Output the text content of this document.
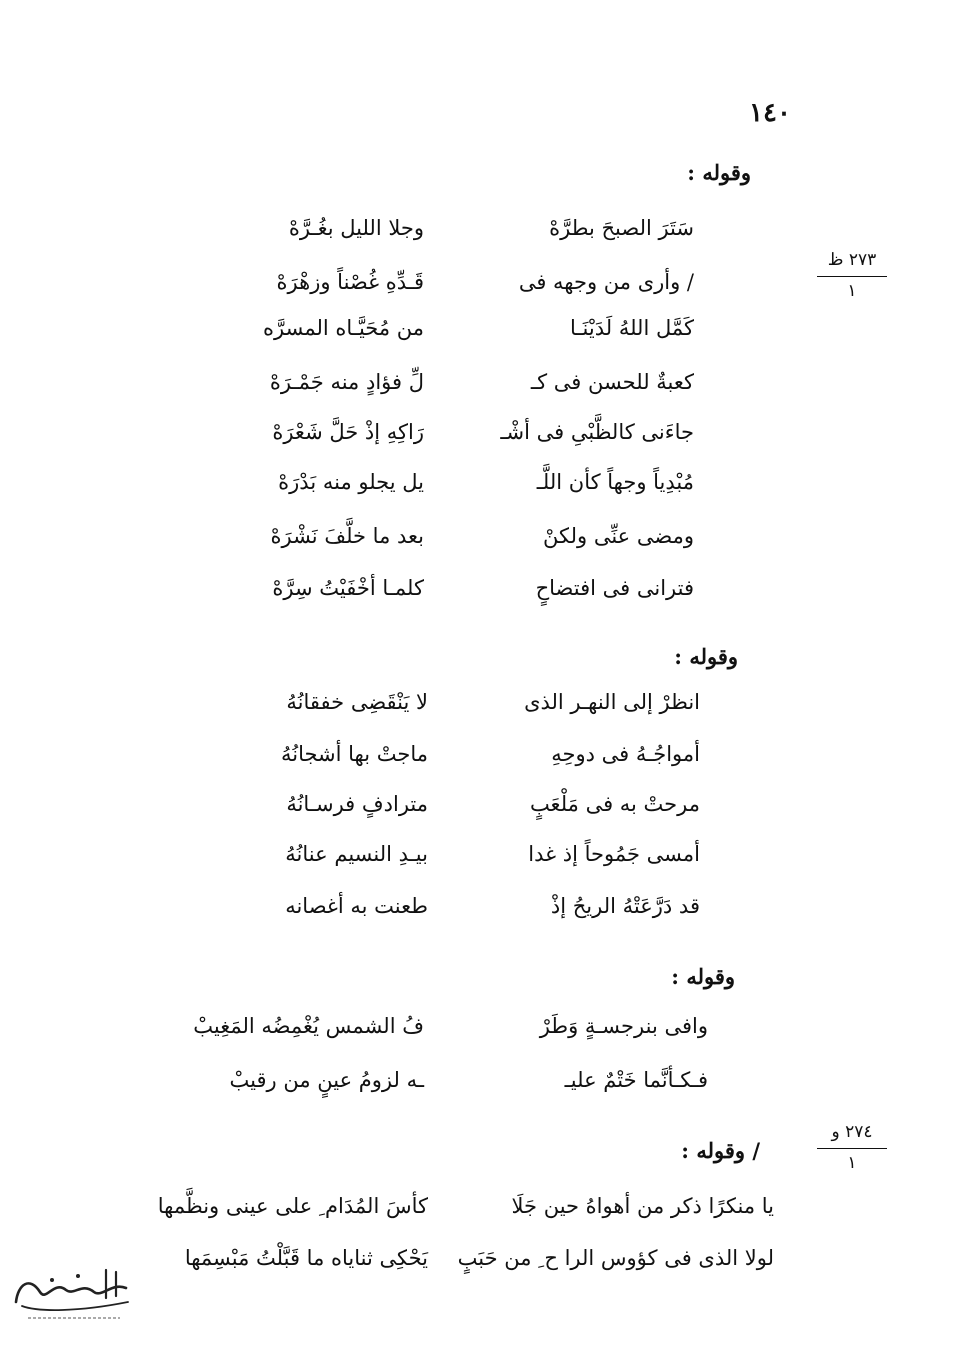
١٤٠
٢٧٣ ظ
١
٢٧٤ و
١
وقوله :
سَتَرَ الصبحَ بطرَّهْ
وجلا الليل بغُـرَّهْ
/ وأرى من وجهه فى
قَـدِّهِ غُصْناً وزهْرَهْ
كَمَّل اللهُ لَدَيْنَـا
من مُحَيَّـاه المسرَّه
كعبةٌ للحسن فى كـ
لِّ فؤادٍ منه جَمْـرَهْ
جاءَنى كالظَّبْىِ فى أشْـ
رَاكِهِ إذْ حَلَّ شَعْرَهْ
مُبْدِياً وجهاً كأن اللَّـ
يل يجلو منه بَدْرَهْ
ومضى عنِّى ولكنْ
بعد ما خلَّفَ نَشْرَهْ
فترانى فى افتضاحٍ
كلمـا أخْفَيْتُ سِرَّهْ
وقوله :
انظرْ إلى النهـر الذى
لا يَنْقَضِى خفقانُهُ
أمواجُـهُ فى دوحِهِ
ماجتْ بها أشجانُهُ
مرحتْ به فى مَلْعَبٍ
مترادفٍ فرسـانُهُ
أمسى جَمُوحاً إذ غدا
بيـدِ النسيم عنانُهُ
قد دَرَّعَتْهُ الريحُ إذْ
طعنت به أغصانه
وقوله :
وافى بنرجسـةٍ وَطَرْ
فُ الشمس يُغْمِضُه المَغِيبْ
فـكـأنَّما خَتْمٌ عليـ
ـه لزومُ عينٍ من رقيبْ
/ وقوله :
يا منكرًا ذكر من أهواهُ حين جَلَا
كأسَ المُدَام ِ على عينى ونظَّمها
لولا الذى فى كؤوس الرا ح ِ من حَبَبٍ
يَحْكِى ثناياه ما قَبَّلْتُ مَبْسِمَها
